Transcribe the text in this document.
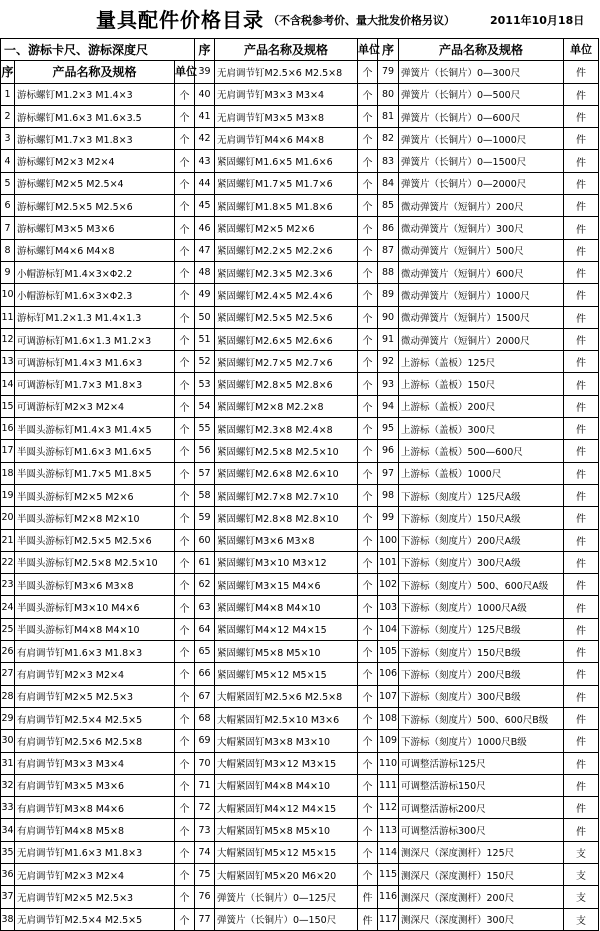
量具配件价格目录 （不含税参考价、量大批发价格另议）	2011年10月18日
一、游标卡尺、游标深度尺			序	产品名称及规格	单位	序	产品名称及规格	单位
序	产品名称及规格	单位	39	无肩调节钉M2.5×6 M2.5×8	个	79	弹簧片（长铜片）0—300尺	件
1	游标螺钉M1.2×3 M1.4×3	个	40	无肩调节钉M3×3 M3×4	个	80	弹簧片（长铜片）0—500尺	件
2	游标螺钉M1.6×3 M1.6×3.5	个	41	无肩调节钉M3×5 M3×8	个	81	弹簧片（长铜片）0—600尺	件
3	游标螺钉M1.7×3 M1.8×3	个	42	无肩调节钉M4×6 M4×8	个	82	弹簧片（长铜片）0—1000尺	件
4	游标螺钉M2×3 M2×4	个	43	紧固螺钉M1.6×5 M1.6×6	个	83	弹簧片（长铜片）0—1500尺	件
5	游标螺钉M2×5 M2.5×4	个	44	紧固螺钉M1.7×5 M1.7×6	个	84	弹簧片（长铜片）0—2000尺	件
6	游标螺钉M2.5×5 M2.5×6	个	45	紧固螺钉M1.8×5 M1.8×6	个	85	微动弹簧片（短铜片）200尺	件
7	游标螺钉M3×5 M3×6	个	46	紧固螺钉M2×5 M2×6	个	86	微动弹簧片（短铜片）300尺	件
8	游标螺钉M4×6 M4×8	个	47	紧固螺钉M2.2×5 M2.2×6	个	87	微动弹簧片（短铜片）500尺	件
9	小帽游标钉M1.4×3×Φ2.2	个	48	紧固螺钉M2.3×5 M2.3×6	个	88	微动弹簧片（短铜片）600尺	件
10	小帽游标钉M1.6×3×Φ2.3	个	49	紧固螺钉M2.4×5 M2.4×6	个	89	微动弹簧片（短铜片）1000尺	件
11	游标钉M1.2×1.3 M1.4×1.3	个	50	紧固螺钉M2.5×5 M2.5×6	个	90	微动弹簧片（短铜片）1500尺	件
12	可调游标钉M1.6×1.3 M1.2×3	个	51	紧固螺钉M2.6×5 M2.6×6	个	91	微动弹簧片（短铜片）2000尺	件
13	可调游标钉M1.4×3 M1.6×3	个	52	紧固螺钉M2.7×5 M2.7×6	个	92	上游标（盖板）125尺	件
14	可调游标钉M1.7×3 M1.8×3	个	53	紧固螺钉M2.8×5 M2.8×6	个	93	上游标（盖板）150尺	件
15	可调游标钉M2×3 M2×4	个	54	紧固螺钉M2×8 M2.2×8	个	94	上游标（盖板）200尺	件
16	半圆头游标钉M1.4×3 M1.4×5	个	55	紧固螺钉M2.3×8 M2.4×8	个	95	上游标（盖板）300尺	件
17	半圆头游标钉M1.6×3 M1.6×5	个	56	紧固螺钉M2.5×8 M2.5×10	个	96	上游标（盖板）500—600尺	件
18	半圆头游标钉M1.7×5 M1.8×5	个	57	紧固螺钉M2.6×8 M2.6×10	个	97	上游标（盖板）1000尺	件
19	半圆头游标钉M2×5 M2×6	个	58	紧固螺钉M2.7×8 M2.7×10	个	98	下游标（刻度片）125尺A级	件
20	半圆头游标钉M2×8 M2×10	个	59	紧固螺钉M2.8×8 M2.8×10	个	99	下游标（刻度片）150尺A级	件
21	半圆头游标钉M2.5×5 M2.5×6	个	60	紧固螺钉M3×6 M3×8	个	100	下游标（刻度片）200尺A级	件
22	半圆头游标钉M2.5×8 M2.5×10	个	61	紧固螺钉M3×10 M3×12	个	101	下游标（刻度片）300尺A级	件
23	半圆头游标钉M3×6 M3×8	个	62	紧固螺钉M3×15 M4×6	个	102	下游标（刻度片）500、600尺A级	件
24	半圆头游标钉M3×10 M4×6	个	63	紧固螺钉M4×8 M4×10	个	103	下游标（刻度片）1000尺A级	件
25	半圆头游标钉M4×8 M4×10	个	64	紧固螺钉M4×12 M4×15	个	104	下游标（刻度片）125尺B级	件
26	有肩调节钉M1.6×3 M1.8×3	个	65	紧固螺钉M5×8 M5×10	个	105	下游标（刻度片）150尺B级	件
27	有肩调节钉M2×3 M2×4	个	66	紧固螺钉M5×12 M5×15	个	106	下游标（刻度片）200尺B级	件
28	有肩调节钉M2×5 M2.5×3	个	67	大帽紧固钉M2.5×6 M2.5×8	个	107	下游标（刻度片）300尺B级	件
29	有肩调节钉M2.5×4 M2.5×5	个	68	大帽紧固钉M2.5×10 M3×6	个	108	下游标（刻度片）500、600尺B级	件
30	有肩调节钉M2.5×6 M2.5×8	个	69	大帽紧固钉M3×8 M3×10	个	109	下游标（刻度片）1000尺B级	件
31	有肩调节钉M3×3 M3×4	个	70	大帽紧固钉M3×12 M3×15	个	110	可调整活游标125尺	件
32	有肩调节钉M3×5 M3×6	个	71	大帽紧固钉M4×8 M4×10	个	111	可调整活游标150尺	件
33	有肩调节钉M3×8 M4×6	个	72	大帽紧固钉M4×12 M4×15	个	112	可调整活游标200尺	件
34	有肩调节钉M4×8 M5×8	个	73	大帽紧固钉M5×8 M5×10	个	113	可调整活游标300尺	件
35	无肩调节钉M1.6×3 M1.8×3	个	74	大帽紧固钉M5×12 M5×15	个	114	测深尺（深度测杆）125尺	支
36	无肩调节钉M2×3 M2×4	个	75	大帽紧固钉M5×20 M6×20	个	115	测深尺（深度测杆）150尺	支
37	无肩调节钉M2×5 M2.5×3	个	76	弹簧片（长铜片）0—125尺	件	116	测深尺（深度测杆）200尺	支
38	无肩调节钉M2.5×4 M2.5×5	个	77	弹簧片（长铜片）0—150尺	件	117	测深尺（深度测杆）300尺	支
